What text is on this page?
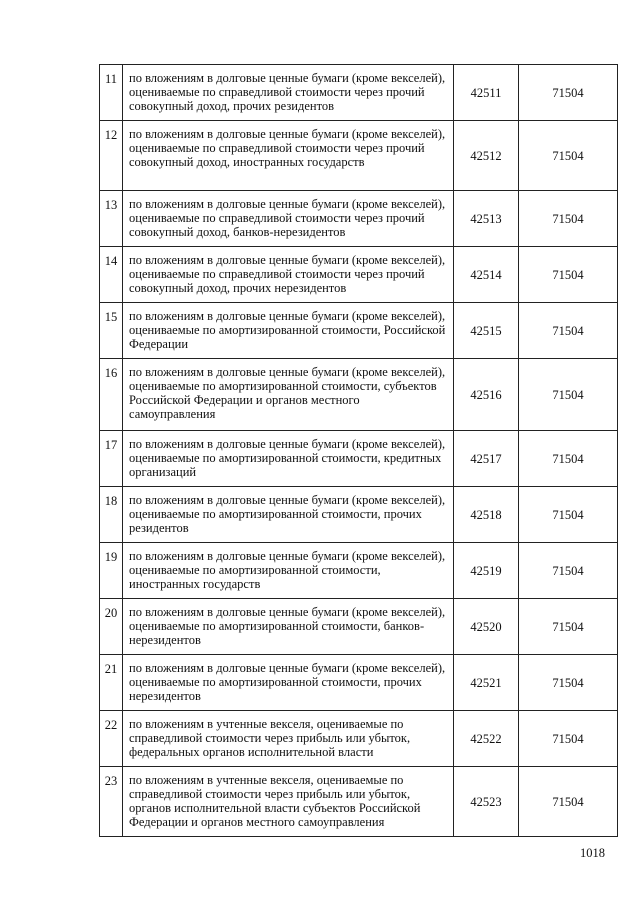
11	по вложениям в долговые ценные бумаги (кроме векселей), оцениваемые по справедливой стоимости через прочий совокупный доход, прочих резидентов	42511	71504
12	по вложениям в долговые ценные бумаги (кроме векселей), оцениваемые по справедливой стоимости через прочий совокупный доход, иностранных государств	42512	71504
13	по вложениям в долговые ценные бумаги (кроме векселей), оцениваемые по справедливой стоимости через прочий совокупный доход, банков-нерезидентов	42513	71504
14	по вложениям в долговые ценные бумаги (кроме векселей), оцениваемые по справедливой стоимости через прочий совокупный доход, прочих нерезидентов	42514	71504
15	по вложениям в долговые ценные бумаги (кроме векселей), оцениваемые по амортизированной стоимости, Российской Федерации	42515	71504
16	по вложениям в долговые ценные бумаги (кроме векселей), оцениваемые по амортизированной стоимости, субъектов Российской Федерации и органов местного самоуправления	42516	71504
17	по вложениям в долговые ценные бумаги (кроме векселей), оцениваемые по амортизированной стоимости, кредитных организаций	42517	71504
18	по вложениям в долговые ценные бумаги (кроме векселей), оцениваемые по амортизированной стоимости, прочих резидентов	42518	71504
19	по вложениям в долговые ценные бумаги (кроме векселей), оцениваемые по амортизированной стоимости, иностранных государств	42519	71504
20	по вложениям в долговые ценные бумаги (кроме векселей), оцениваемые по амортизированной стоимости, банков-нерезидентов	42520	71504
21	по вложениям в долговые ценные бумаги (кроме векселей), оцениваемые по амортизированной стоимости, прочих нерезидентов	42521	71504
22	по вложениям в учтенные векселя, оцениваемые по справедливой стоимости через прибыль или убыток, федеральных органов исполнительной власти	42522	71504
23	по вложениям в учтенные векселя, оцениваемые по справедливой стоимости через прибыль или убыток, органов исполнительной власти субъектов Российской Федерации и органов местного самоуправления	42523	71504
1018
